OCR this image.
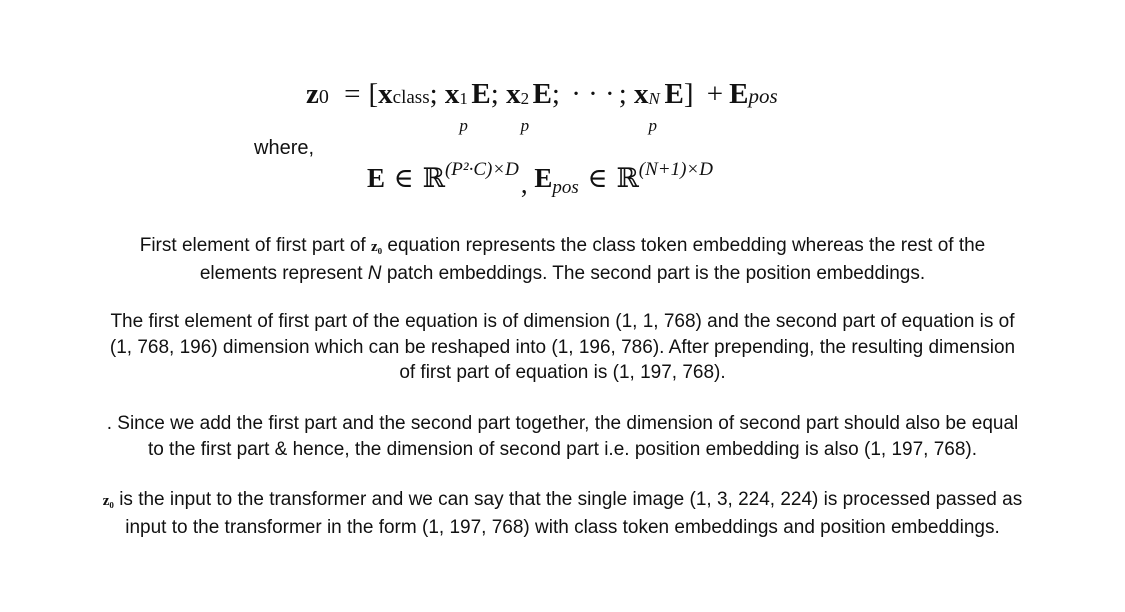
z0 = [xclass; x 1
p
E; x 2
p
E; · · · ; x N
p
E] + Epos
where,
E ∈ ℝ$^{(P^2\cdot C)\times D}$, $E_{pos}$ ∈ ℝ$^{(N+1)\times D}$
First element of first part of z₀ equation represents the class token embedding whereas the rest of the
elements represent N patch embeddings. The second part is the position embeddings.
The first element of first part of the equation is of dimension (1, 1, 768) and the second part of equation is of
(1, 768, 196) dimension which can be reshaped into (1, 196, 786). After prepending, the resulting dimension
of first part of equation is (1, 197, 768).
. Since we add the first part and the second part together, the dimension of second part should also be equal
to the first part & hence, the dimension of second part i.e. position embedding is also (1, 197, 768).
z₀ is the input to the transformer and we can say that the single image (1, 3, 224, 224) is processed passed as
input to the transformer in the form (1, 197, 768) with class token embeddings and position embeddings.
